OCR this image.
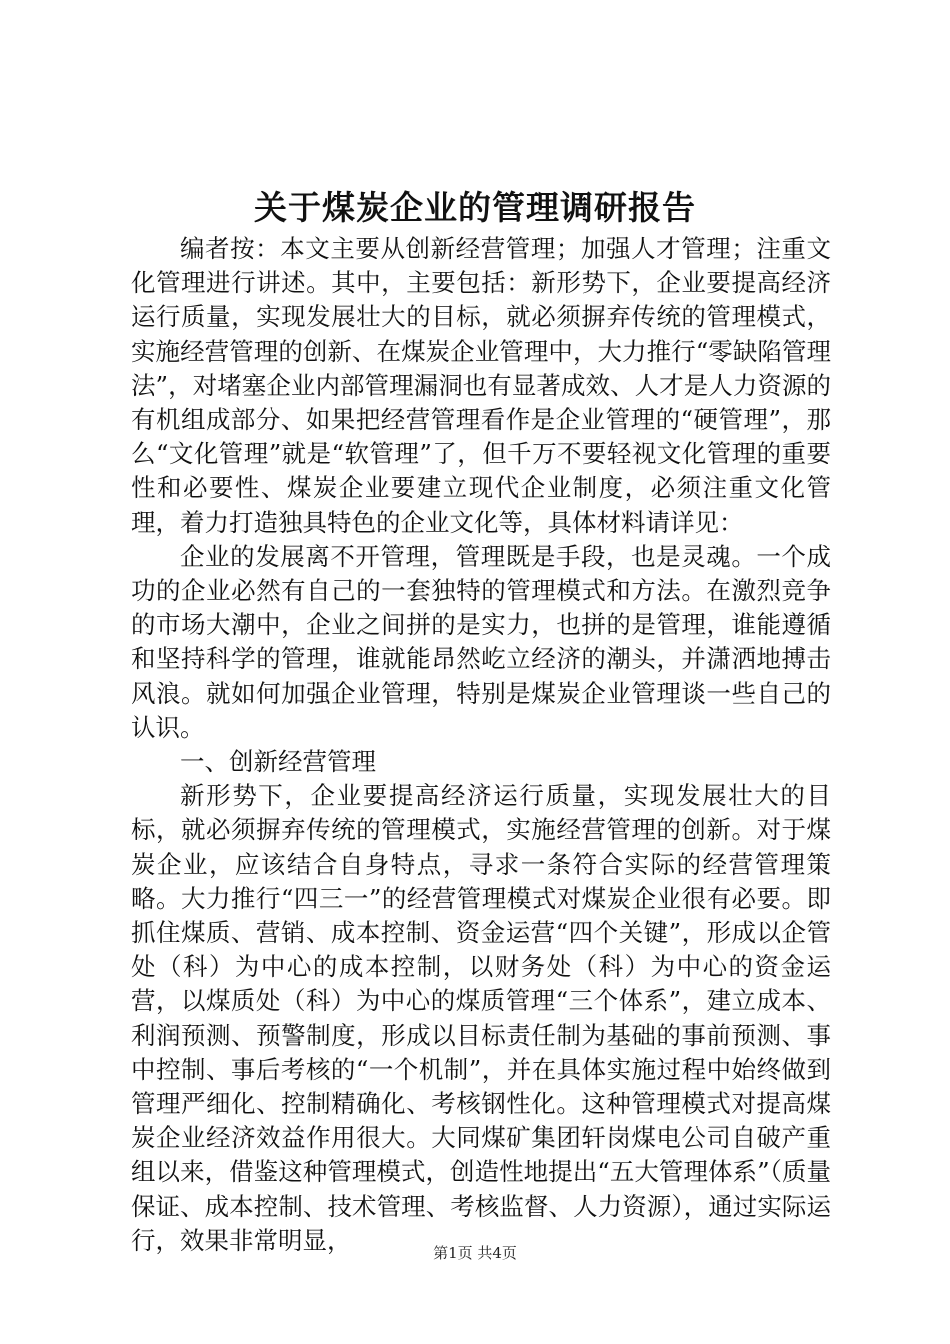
关于煤炭企业的管理调研报告

编者按：本文主要从创新经营管理；加强人才管理；注重文化管理进行讲述。其中，主要包括：新形势下，企业要提高经济运行质量，实现发展壮大的目标，就必须摒弃传统的管理模式，实施经营管理的创新、在煤炭企业管理中，大力推行“零缺陷管理法”，对堵塞企业内部管理漏洞也有显著成效、人才是人力资源的有机组成部分、如果把经营管理看作是企业管理的“硬管理”，那么“文化管理”就是“软管理”了，但千万不要轻视文化管理的重要性和必要性、煤炭企业要建立现代企业制度，必须注重文化管理，着力打造独具特色的企业文化等，具体材料请详见：

企业的发展离不开管理，管理既是手段，也是灵魂。一个成功的企业必然有自己的一套独特的管理模式和方法。在激烈竞争的市场大潮中，企业之间拼的是实力，也拼的是管理，谁能遵循和坚持科学的管理，谁就能昂然屹立经济的潮头，并潇洒地搏击风浪。就如何加强企业管理，特别是煤炭企业管理谈一些自己的认识。

一、创新经营管理

新形势下，企业要提高经济运行质量，实现发展壮大的目标，就必须摒弃传统的管理模式，实施经营管理的创新。对于煤炭企业，应该结合自身特点，寻求一条符合实际的经营管理策略。大力推行“四三一”的经营管理模式对煤炭企业很有必要。即抓住煤质、营销、成本控制、资金运营“四个关键”，形成以企管处（科）为中心的成本控制，以财务处（科）为中心的资金运营，以煤质处（科）为中心的煤质管理“三个体系”，建立成本、利润预测、预警制度，形成以目标责任制为基础的事前预测、事中控制、事后考核的“一个机制”，并在具体实施过程中始终做到管理严细化、控制精确化、考核钢性化。这种管理模式对提高煤炭企业经济效益作用很大。大同煤矿集团轩岗煤电公司自破产重组以来，借鉴这种管理模式，创造性地提出“五大管理体系”（质量保证、成本控制、技术管理、考核监督、人力资源），通过实际运行，效果非常明显，	第1页 共4页
